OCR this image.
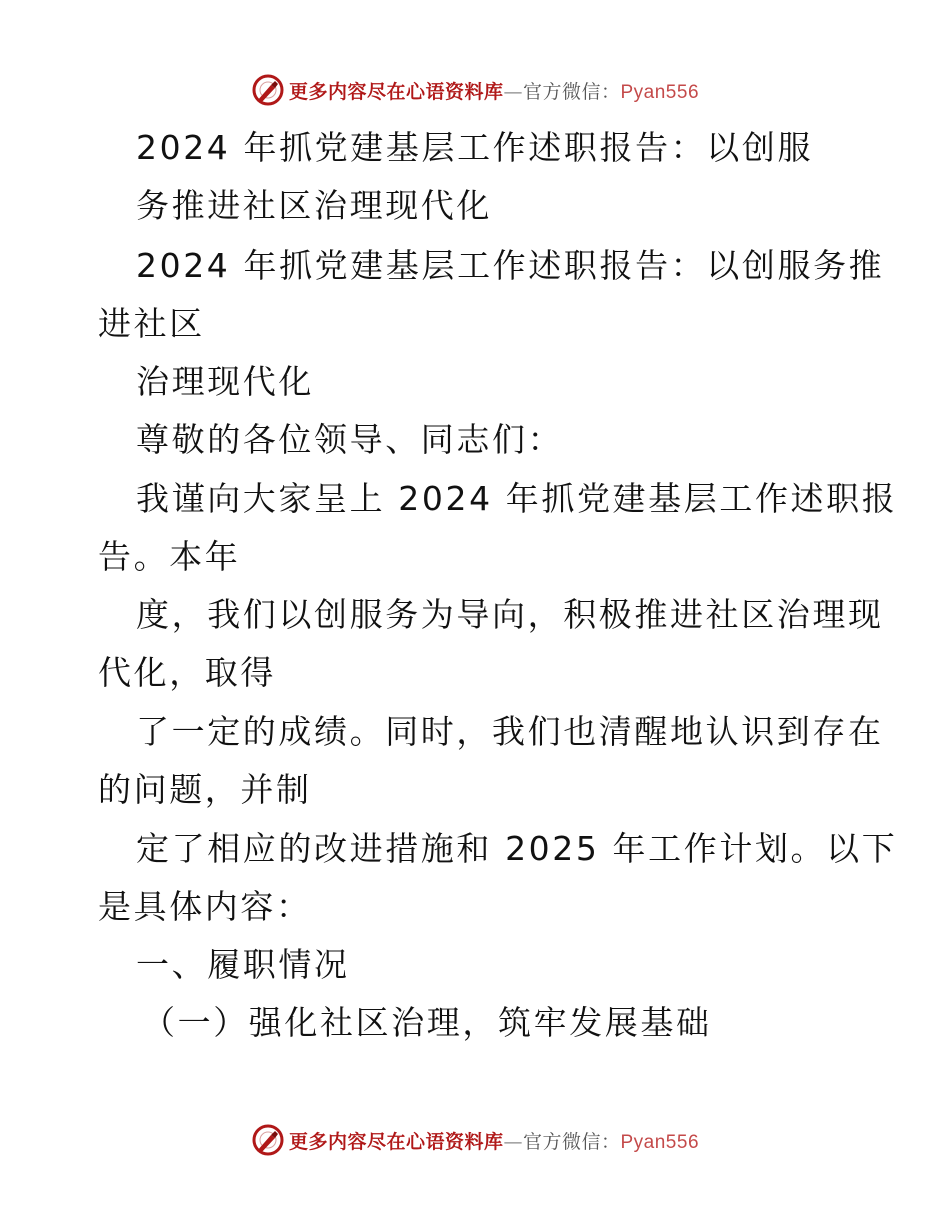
更多内容尽在心语资料库—官方微信：Pyan556
2024 年抓党建基层工作述职报告：以创服
务推进社区治理现代化
2024 年抓党建基层工作述职报告：以创服务推
进社区
治理现代化
尊敬的各位领导、同志们：
我谨向大家呈上 2024 年抓党建基层工作述职报
告。本年
度，我们以创服务为导向，积极推进社区治理现
代化，取得
了一定的成绩。同时，我们也清醒地认识到存在
的问题，并制
定了相应的改进措施和 2025 年工作计划。以下
是具体内容：
一、履职情况
（一）强化社区治理，筑牢发展基础
更多内容尽在心语资料库—官方微信：Pyan556
